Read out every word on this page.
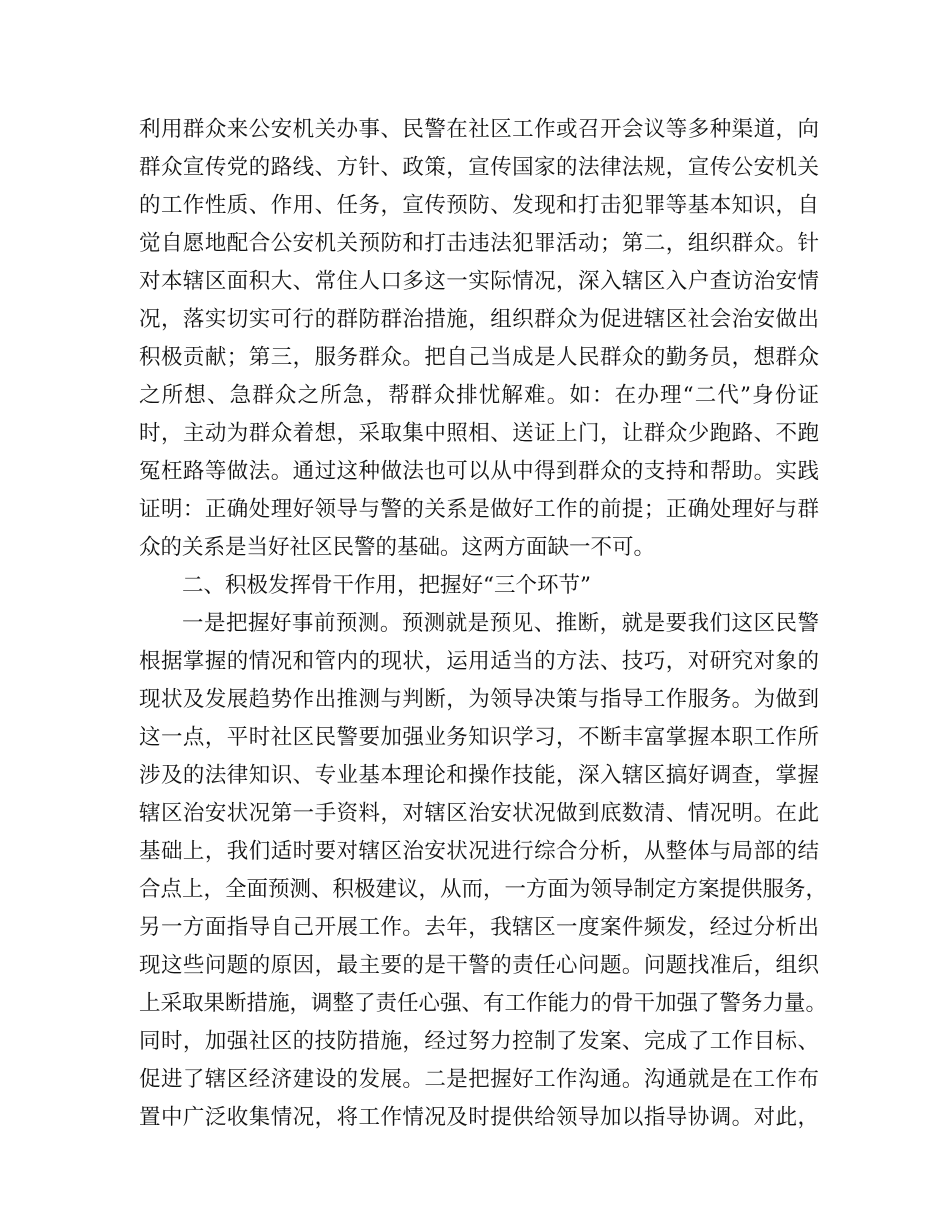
利用群众来公安机关办事、民警在社区工作或召开会议等多种渠道，向
群众宣传党的路线、方针、政策，宣传国家的法律法规，宣传公安机关
的工作性质、作用、任务，宣传预防、发现和打击犯罪等基本知识，自
觉自愿地配合公安机关预防和打击违法犯罪活动；第二，组织群众。针
对本辖区面积大、常住人口多这一实际情况，深入辖区入户查访治安情
况，落实切实可行的群防群治措施，组织群众为促进辖区社会治安做出
积极贡献；第三，服务群众。把自己当成是人民群众的勤务员，想群众
之所想、急群众之所急，帮群众排忧解难。如：在办理“二代”身份证
时，主动为群众着想，采取集中照相、送证上门，让群众少跑路、不跑
冤枉路等做法。通过这种做法也可以从中得到群众的支持和帮助。实践
证明：正确处理好领导与警的关系是做好工作的前提；正确处理好与群
众的关系是当好社区民警的基础。这两方面缺一不可。
二、积极发挥骨干作用，把握好“三个环节”
一是把握好事前预测。预测就是预见、推断，就是要我们这区民警
根据掌握的情况和管内的现状，运用适当的方法、技巧，对研究对象的
现状及发展趋势作出推测与判断，为领导决策与指导工作服务。为做到
这一点，平时社区民警要加强业务知识学习，不断丰富掌握本职工作所
涉及的法律知识、专业基本理论和操作技能，深入辖区搞好调查，掌握
辖区治安状况第一手资料，对辖区治安状况做到底数清、情况明。在此
基础上，我们适时要对辖区治安状况进行综合分析，从整体与局部的结
合点上，全面预测、积极建议，从而，一方面为领导制定方案提供服务，
另一方面指导自己开展工作。去年，我辖区一度案件频发，经过分析出
现这些问题的原因，最主要的是干警的责任心问题。问题找准后，组织
上采取果断措施，调整了责任心强、有工作能力的骨干加强了警务力量。
同时，加强社区的技防措施，经过努力控制了发案、完成了工作目标、
促进了辖区经济建设的发展。二是把握好工作沟通。沟通就是在工作布
置中广泛收集情况，将工作情况及时提供给领导加以指导协调。对此，
